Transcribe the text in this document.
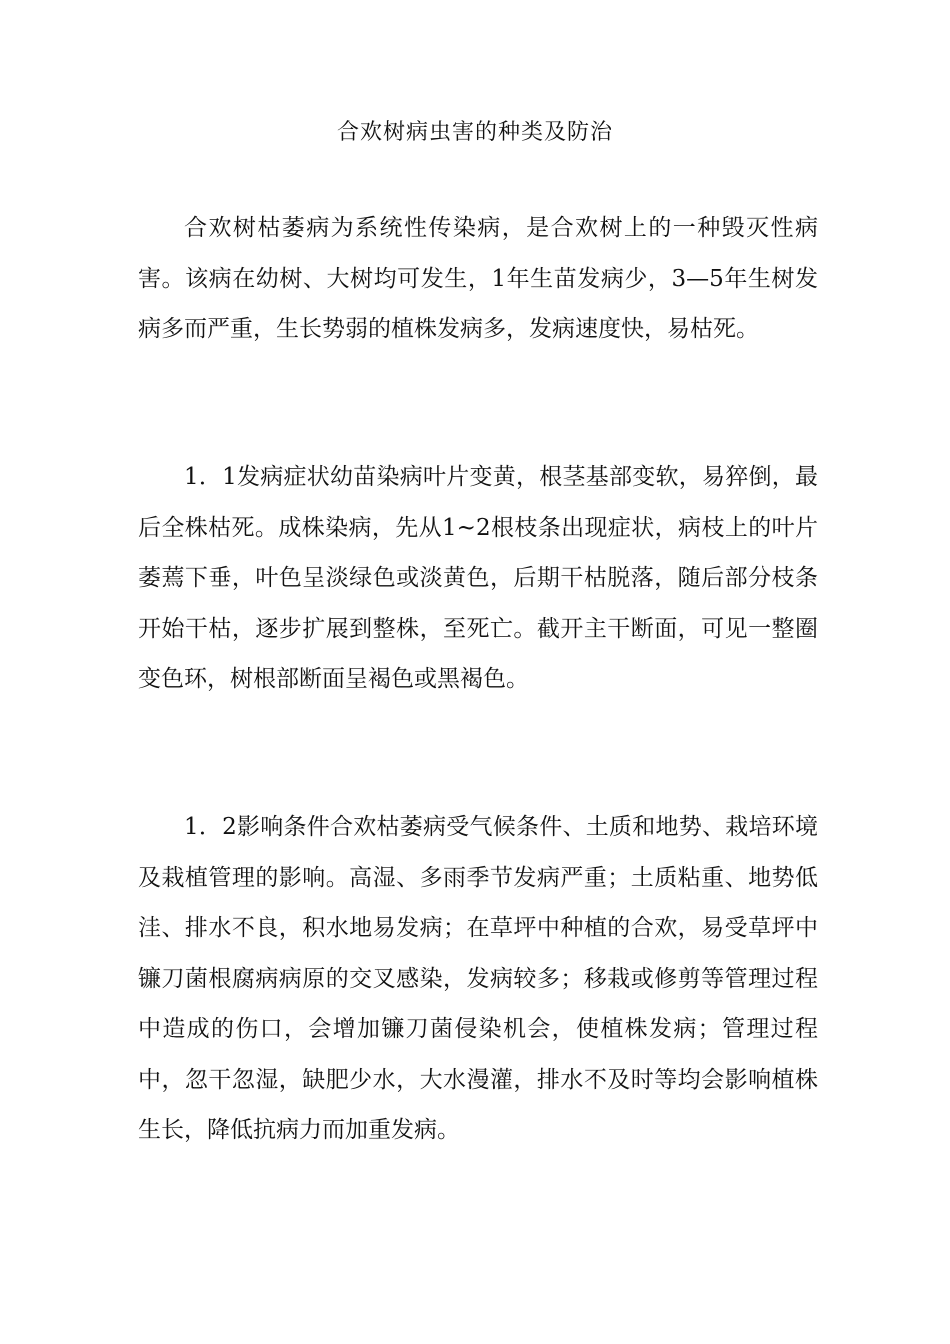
合欢树病虫害的种类及防治

合欢树枯萎病为系统性传染病，是合欢树上的一种毁灭性病害。该病在幼树、大树均可发生，1年生苗发病少，3—5年生树发病多而严重，生长势弱的植株发病多，发病速度快，易枯死。

1．1发病症状幼苗染病叶片变黄，根茎基部变软，易猝倒，最后全株枯死。成株染病，先从1~2根枝条出现症状，病枝上的叶片萎蔫下垂，叶色呈淡绿色或淡黄色，后期干枯脱落，随后部分枝条开始干枯，逐步扩展到整株，至死亡。截开主干断面，可见一整圈变色环，树根部断面呈褐色或黑褐色。

1．2影响条件合欢枯萎病受气候条件、土质和地势、栽培环境及栽植管理的影响。高湿、多雨季节发病严重；土质粘重、地势低洼、排水不良，积水地易发病；在草坪中种植的合欢，易受草坪中镰刀菌根腐病病原的交叉感染，发病较多；移栽或修剪等管理过程中造成的伤口，会增加镰刀菌侵染机会，使植株发病；管理过程中，忽干忽湿，缺肥少水，大水漫灌，排水不及时等均会影响植株生长，降低抗病力而加重发病。
